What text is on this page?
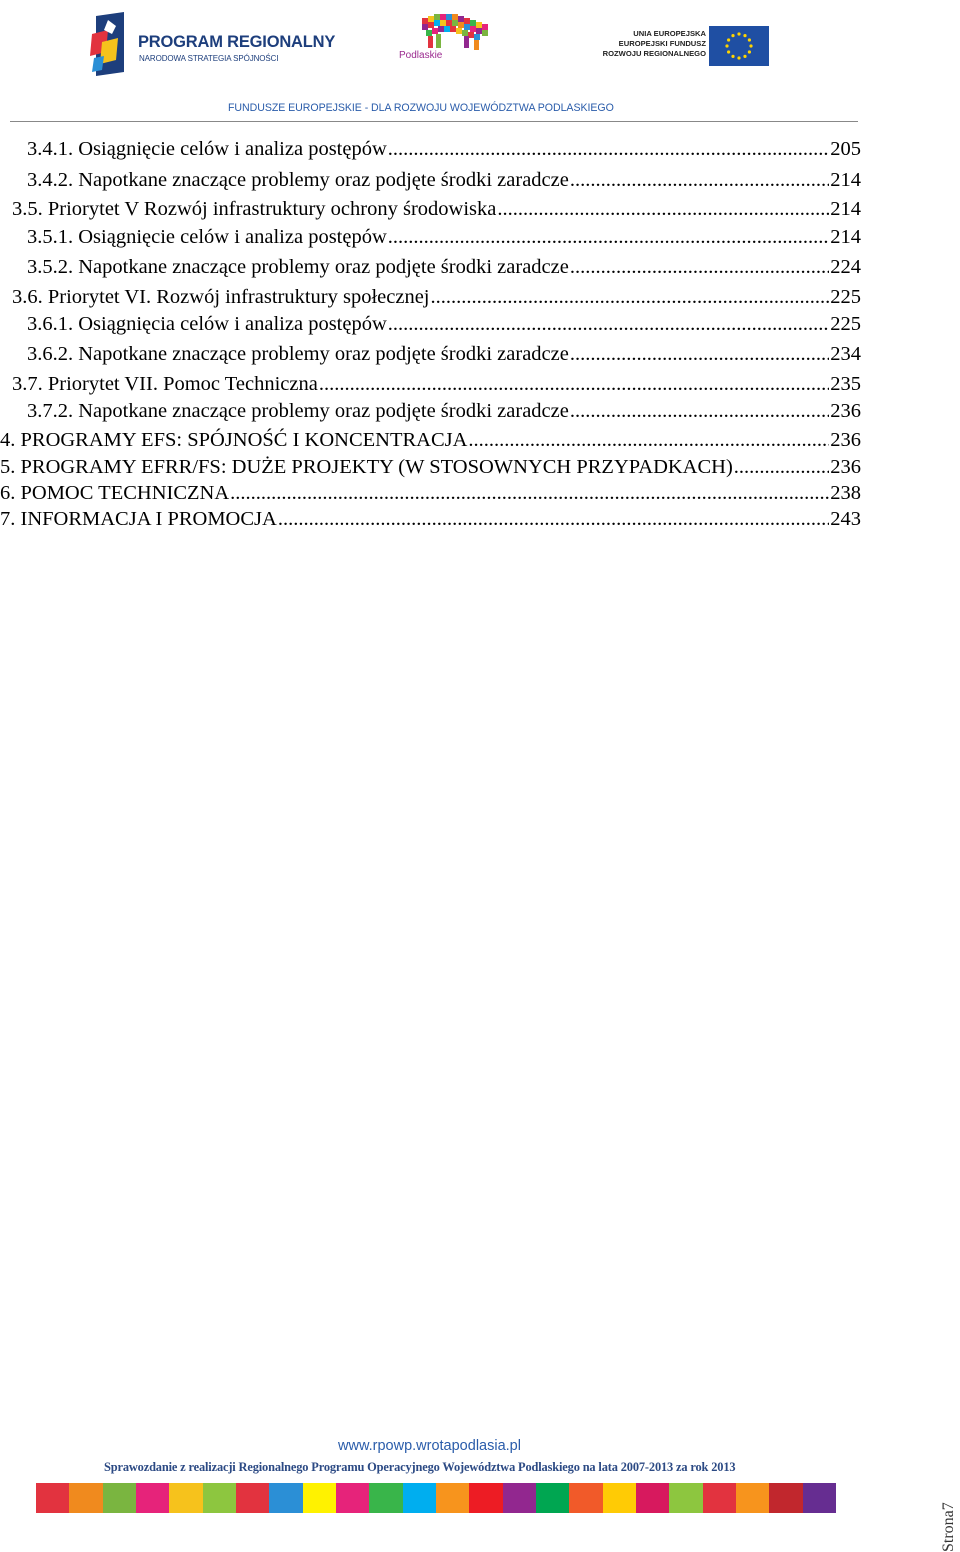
PROGRAM REGIONALNY
NARODOWA STRATEGIA SPÓJNOŚCI	Podlaskie
UNIA EUROPEJSKA
EUROPEJSKI FUNDUSZ
ROZWOJU REGIONALNEGO
FUNDUSZE EUROPEJSKIE - DLA ROZWOJU WOJEWÓDZTWA PODLASKIEGO
3.4.1. Osiągnięcie celów i analiza postępów .....	205
3.4.2. Napotkane znaczące problemy oraz podjęte środki zaradcze .....	214
3.5. Priorytet V Rozwój infrastruktury ochrony środowiska .....	214
3.5.1. Osiągnięcie celów i analiza postępów .....	214
3.5.2. Napotkane znaczące problemy oraz podjęte środki zaradcze .....	224
3.6. Priorytet VI. Rozwój infrastruktury społecznej .....	225
3.6.1. Osiągnięcia celów i analiza postępów .....	225
3.6.2. Napotkane znaczące problemy oraz podjęte środki zaradcze .....	234
3.7. Priorytet VII. Pomoc Techniczna .....	235
3.7.2. Napotkane znaczące problemy oraz podjęte środki zaradcze .....	236
4. PROGRAMY EFS: SPÓJNOŚĆ I KONCENTRACJA .....	236
5. PROGRAMY EFRR/FS: DUŻE PROJEKTY (W STOSOWNYCH PRZYPADKACH) .....	236
6. POMOC TECHNICZNA .....	238
7. INFORMACJA I PROMOCJA .....	243
www.rpowp.wrotapodlasia.pl
Sprawozdanie z realizacji Regionalnego Programu Operacyjnego Województwa Podlaskiego na lata 2007-2013 za rok 2013
Strona7
